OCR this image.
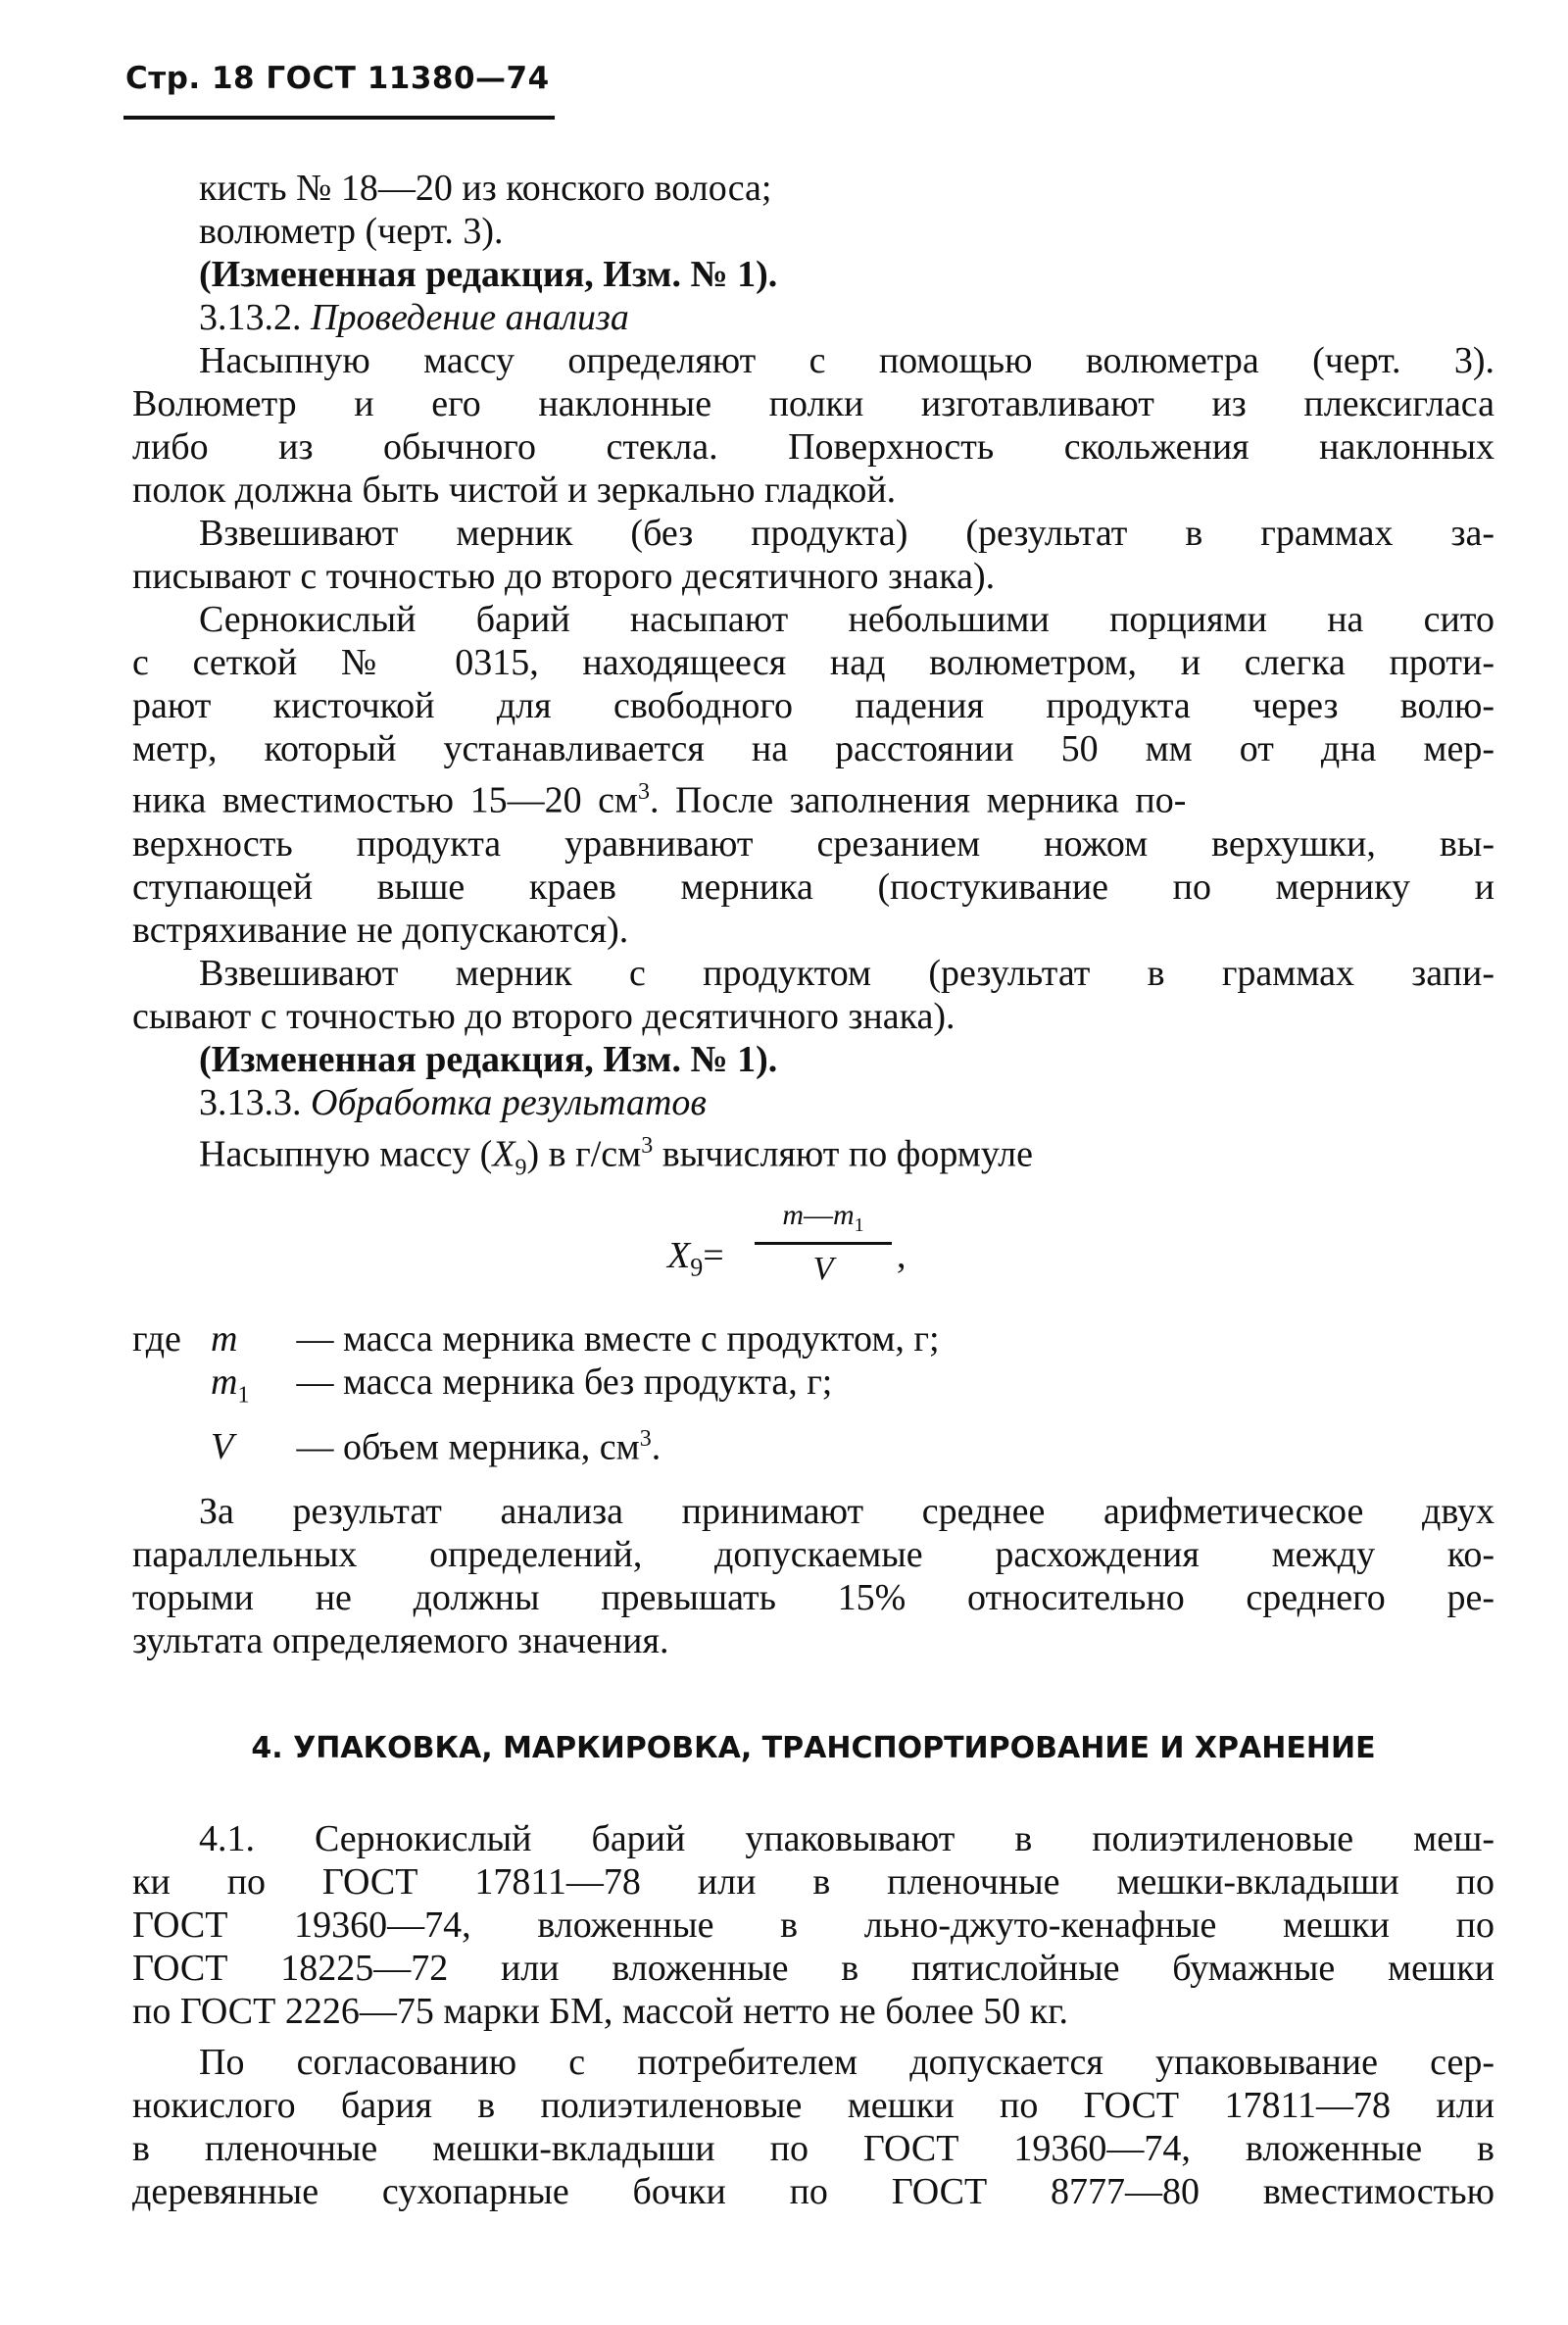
Стр. 18 ГОСТ 11380—74
кисть № 18—20 из конского волоса;
волюметр (черт. 3).
(Измененная редакция, Изм. № 1).
3.13.2. Проведение анализа
Насыпную массу определяют с помощью волюметра (черт. 3).
Волюметр и его наклонные полки изготавливают из плексигласа
либо из обычного стекла. Поверхность скольжения наклонных
полок должна быть чистой и зеркально гладкой.
Взвешивают мерник (без продукта) (результат в граммах за-
писывают с точностью до второго десятичного знака).
Сернокислый барий насыпают небольшими порциями на сито
с сеткой № 0315, находящееся над волюметром, и слегка проти-
рают кисточкой для свободного падения продукта через волю-
метр, который устанавливается на расстоянии 50 мм от дна мер-
ника вместимостью 15—20 $см^3$. После заполнения мерника по-
верхность продукта уравнивают срезанием ножом верхушки, вы-
ступающей выше краев мерника (постукивание по мернику и
встряхивание не допускаются).
Взвешивают мерник с продуктом (результат в граммах запи-
сывают с точностью до второго десятичного знака).
(Измененная редакция, Изм. № 1).
3.13.3. Обработка результатов
Насыпную массу $(X_9)$ в $г/см^3$ вычисляют по формуле
$X_9=$
$m—m_1$
V	,
где m — масса мерника вместе с продуктом, г;
$m_1$ — масса мерника без продукта, г;
V — объем мерника, $см^3$.
За результат анализа принимают среднее арифметическое двух
параллельных определений, допускаемые расхождения между ко-
торыми не должны превышать 15% относительно среднего ре-
зультата определяемого значения.
4. УПАКОВКА, МАРКИРОВКА, ТРАНСПОРТИРОВАНИЕ И ХРАНЕНИЕ
4.1. Сернокислый барий упаковывают в полиэтиленовые меш-
ки по ГОСТ 17811—78 или в пленочные мешки-вкладыши по
ГОСТ 19360—74, вложенные в льно-джуто-кенафные мешки по
ГОСТ 18225—72 или вложенные в пятислойные бумажные мешки
по ГОСТ 2226—75 марки БМ, массой нетто не более 50 кг.
По согласованию с потребителем допускается упаковывание сер-
нокислого бария в полиэтиленовые мешки по ГОСТ 17811—78 или
в пленочные мешки-вкладыши по ГОСТ 19360—74, вложенные в
деревянные сухопарные бочки по ГОСТ 8777—80 вместимостью
